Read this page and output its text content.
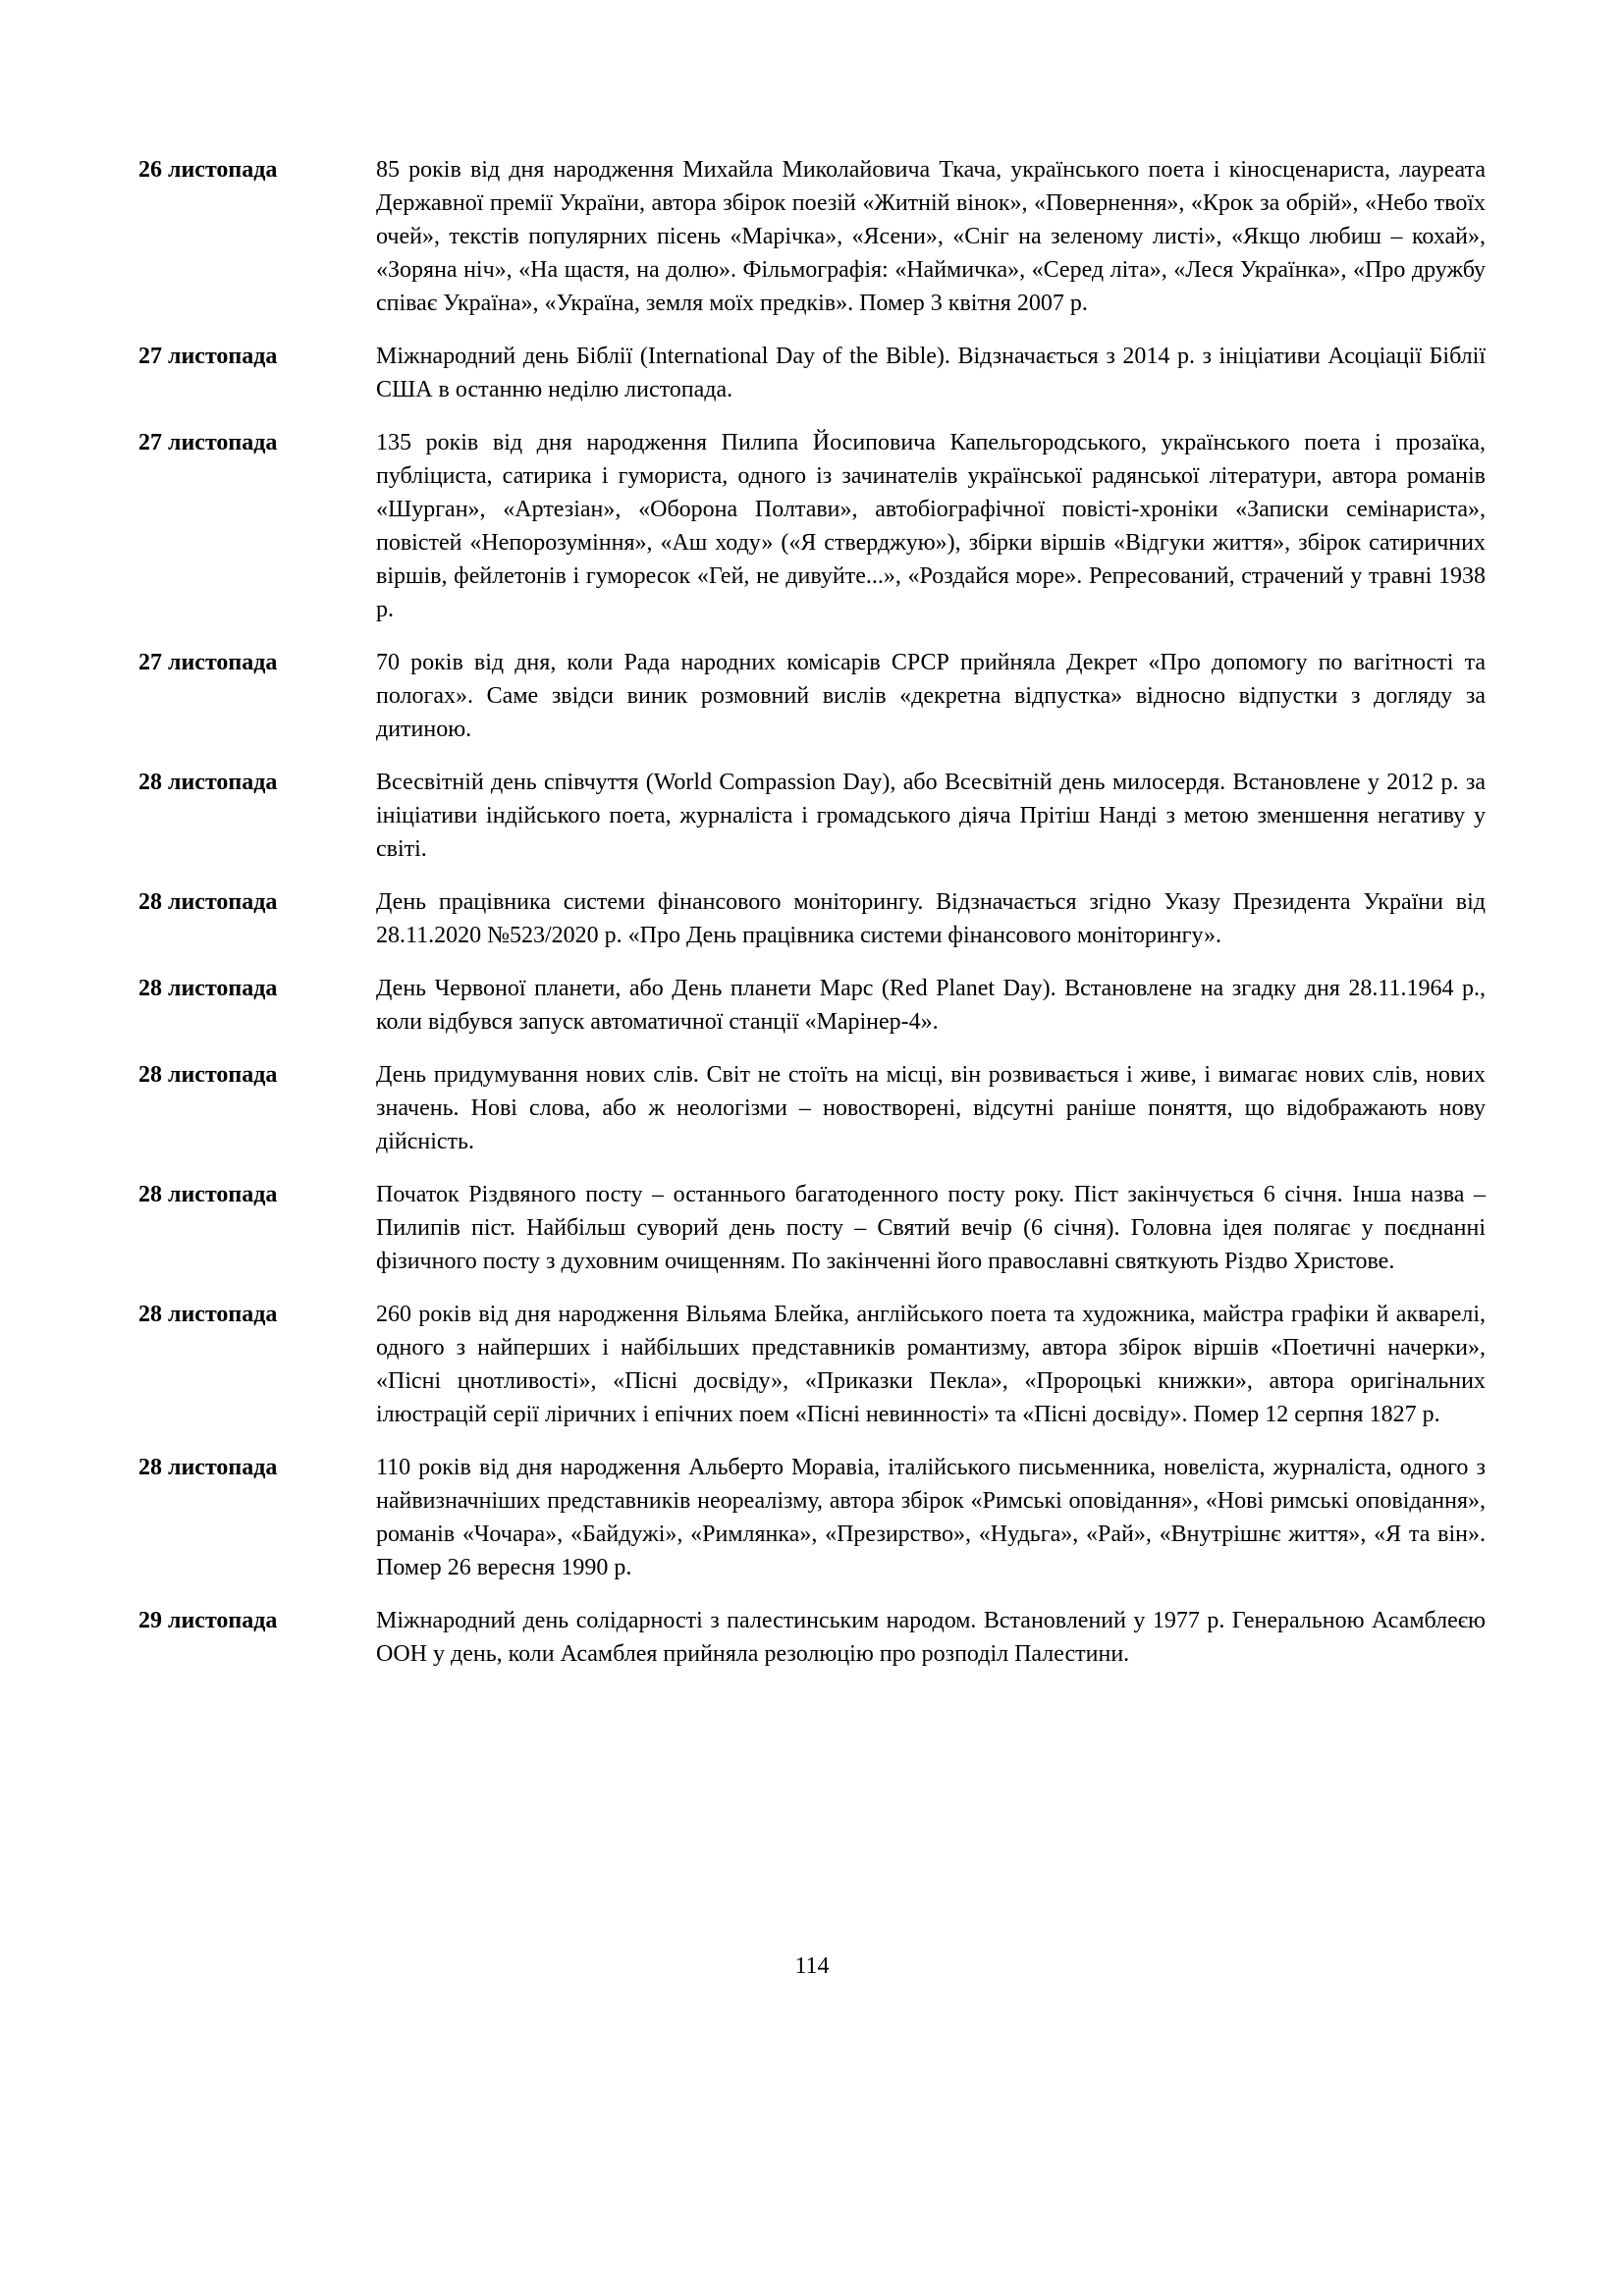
26 листопада	85 років від дня народження Михайла Миколайовича Ткача, українського поета і кіносценариста, лауреата Державної премії України, автора збірок поезій «Житній вінок», «Повернення», «Крок за обрій», «Небо твоїх очей», текстів популярних пісень «Марічка», «Ясени», «Сніг на зеленому листі», «Якщо любиш – кохай», «Зоряна ніч», «На щастя, на долю». Фільмографія: «Наймичка», «Серед літа», «Леся Українка», «Про дружбу співає Україна», «Україна, земля моїх предків». Помер 3 квітня 2007 р.
27 листопада	Міжнародний день Біблії (International Day of the Bible). Відзначається з 2014 р. з ініціативи Асоціації Біблії США в останню неділю листопада.
27 листопада	135 років від дня народження Пилипа Йосиповича Капельгородського, українського поета і прозаїка, публіциста, сатирика і гумориста, одного із зачинателів української радянської літератури, автора романів «Шурган», «Артезіан», «Оборона Полтави», автобіографічної повісті-хроніки «Записки семінариста», повістей «Непорозуміння», «Аш ходу» («Я стверджую»), збірки віршів «Відгуки життя», збірок сатиричних віршів, фейлетонів і гуморесок «Гей, не дивуйте...», «Роздайся море». Репресований, страчений у травні 1938 р.
27 листопада	70 років від дня, коли Рада народних комісарів СРСР прийняла Декрет «Про допомогу по вагітності та пологах». Саме звідси виник розмовний вислів «декретна відпустка» відносно відпустки з догляду за дитиною.
28 листопада	Всесвітній день співчуття (World Compassion Day), або Всесвітній день милосердя. Встановлене у 2012 р. за ініціативи індійського поета, журналіста і громадського діяча Прітіш Нанді з метою зменшення негативу у світі.
28 листопада	День працівника системи фінансового моніторингу. Відзначається згідно Указу Президента України від 28.11.2020 №523/2020 р. «Про День працівника системи фінансового моніторингу».
28 листопада	День Червоної планети, або День планети Марс (Red Planet Day). Встановлене на згадку дня 28.11.1964 р., коли відбувся запуск автоматичної станції «Марінер-4».
28 листопада	День придумування нових слів. Світ не стоїть на місці, він розвивається і живе, і вимагає нових слів, нових значень. Нові слова, або ж неологізми – новостворені, відсутні раніше поняття, що відображають нову дійсність.
28 листопада	Початок Різдвяного посту – останнього багатоденного посту року. Піст закінчується 6 січня. Інша назва – Пилипів піст. Найбільш суворий день посту – Святий вечір (6 січня). Головна ідея полягає у поєднанні фізичного посту з духовним очищенням. По закінченні його православні святкують Різдво Христове.
28 листопада	260 років від дня народження Вільяма Блейка, англійського поета та художника, майстра графіки й акварелі, одного з найперших і найбільших представників романтизму, автора збірок віршів «Поетичні начерки», «Пісні цнотливості», «Пісні досвіду», «Приказки Пекла», «Пророцькі книжки», автора оригінальних ілюстрацій серії ліричних і епічних поем «Пісні невинності» та «Пісні досвіду». Помер 12 серпня 1827 р.
28 листопада	110 років від дня народження Альберто Моравіа, італійського письменника, новеліста, журналіста, одного з найвизначніших представників неореалізму, автора збірок «Римські оповідання», «Нові римські оповідання», романів «Чочара», «Байдужі», «Римлянка», «Презирство», «Нудьга», «Рай», «Внутрішнє життя», «Я та він». Помер 26 вересня 1990 р.
29 листопада	Міжнародний день солідарності з палестинським народом. Встановлений у 1977 р. Генеральною Асамблеєю ООН у день, коли Асамблея прийняла резолюцію про розподіл Палестини.
114
